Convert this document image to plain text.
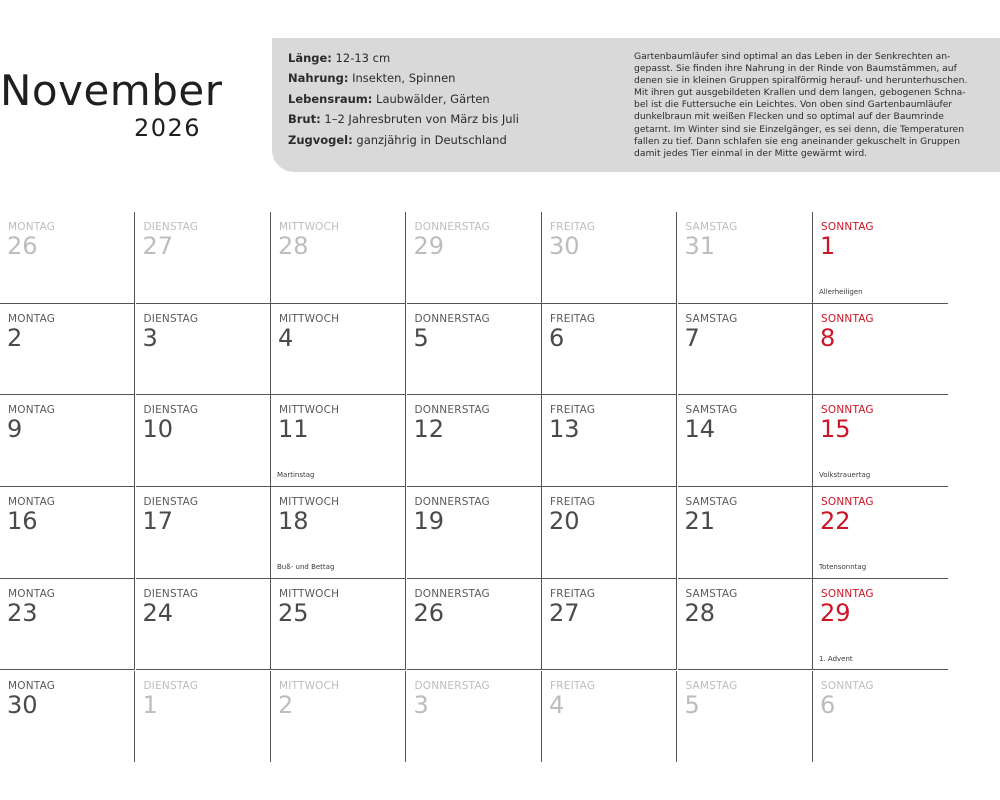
November
2026
Länge: 12-13 cm
Nahrung: Insekten, Spinnen
Lebensraum: Laubwälder, Gärten
Brut: 1–2 Jahresbruten von März bis Juli
Zugvogel: ganzjährig in Deutschland
Gartenbaumläufer sind optimal an das Leben in der Senkrechten an-
gepasst. Sie finden ihre Nahrung in der Rinde von Baumstämmen, auf
denen sie in kleinen Gruppen spiralförmig herauf- und herunterhuschen.
Mit ihren gut ausgebildeten Krallen und dem langen, gebogenen Schna-
bel ist die Futtersuche ein Leichtes. Von oben sind Gartenbaumläufer
dunkelbraun mit weißen Flecken und so optimal auf der Baumrinde
getarnt. Im Winter sind sie Einzelgänger, es sei denn, die Temperaturen
fallen zu tief. Dann schlafen sie eng aneinander gekuschelt in Gruppen
damit jedes Tier einmal in der Mitte gewärmt wird.
MONTAG
26
DIENSTAG
27
MITTWOCH
28
DONNERSTAG
29
FREITAG
30
SAMSTAG
31
SONNTAG
1
Allerheiligen
MONTAG
2
DIENSTAG
3
MITTWOCH
4
DONNERSTAG
5
FREITAG
6
SAMSTAG
7
SONNTAG
8
MONTAG
9
DIENSTAG
10
MITTWOCH
11
Martinstag
DONNERSTAG
12
FREITAG
13
SAMSTAG
14
SONNTAG
15
Volkstrauertag
MONTAG
16
DIENSTAG
17
MITTWOCH
18
Buß- und Bettag
DONNERSTAG
19
FREITAG
20
SAMSTAG
21
SONNTAG
22
Totensonntag
MONTAG
23
DIENSTAG
24
MITTWOCH
25
DONNERSTAG
26
FREITAG
27
SAMSTAG
28
SONNTAG
29
1. Advent
MONTAG
30
DIENSTAG
1
MITTWOCH
2
DONNERSTAG
3
FREITAG
4
SAMSTAG
5
SONNTAG
6
